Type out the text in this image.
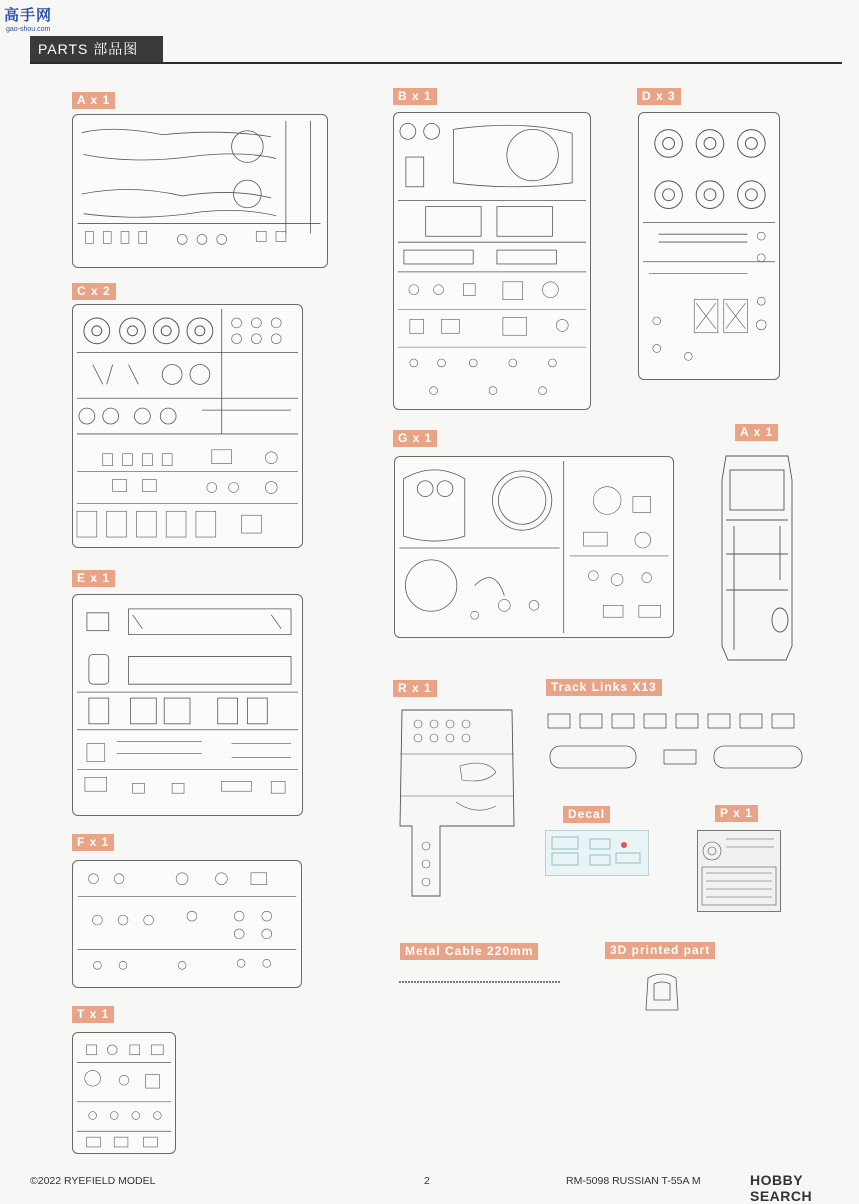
高手网
gao-shou.com
PARTS 部品图
A x 1	B x 1	D x 3
C x 2
E x 1
G x 1	A x 1
R x 1	Track Links X13
Decal	P x 1
F x 1
Metal Cable 220mm	3D printed part
T x 1
©2022 RYEFIELD MODEL	2	RM-5098 RUSSIAN T-55A M	HOBBY SEARCH
